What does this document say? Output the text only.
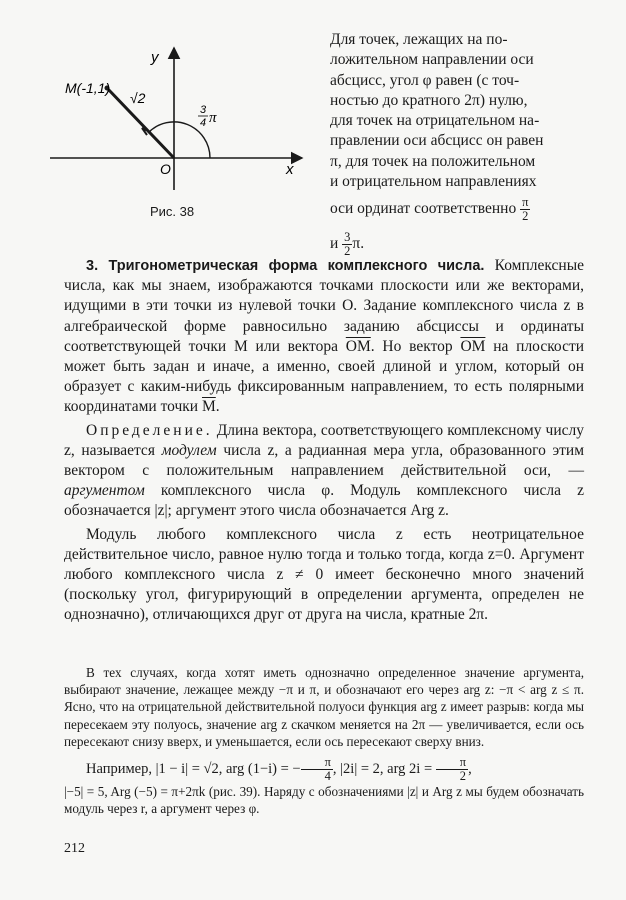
M(-1,1)
√2
y
x
O
3
4 π
Рис. 38
Для точек, лежащих на по-
ложительном направлении оси
абсцисс, угол φ равен (с точ-
ностью до кратного 2π) нулю,
для точек на отрицательном на-
правлении оси абсцисс он равен
π, для точек на положительном
и отрицательном направлениях
оси ординат соответственно $\frac{\pi}{2}$
и $\frac{3}{2} \pi$.

3. Тригонометрическая форма комплексного числа. Комплексные числа, как мы знаем, изображаются точками плоскости или же векторами, идущими в эти точки из нулевой точки O. Задание комплексного числа z в алгебраической форме равносильно заданию абсциссы и ординаты соответствующей точки M или вектора $\overline{OM}$. Но вектор $\overline{OM}$ на плоскости может быть задан и иначе, а именно, своей длиной и углом, который он образует с каким-нибудь фиксированным направлением, то есть полярными координатами точки $\overline{M}$.

Определение. Длина вектора, соответствующего комплексному числу z, называется модулем числа z, а радианная мера угла, образованного этим вектором с положительным направлением действительной оси, — аргументом комплексного числа φ. Модуль комплексного числа z обозначается |z|; аргумент этого числа обозначается Arg z.

Модуль любого комплексного числа z есть неотрицательное действительное число, равное нулю тогда и только тогда, когда z=0. Аргумент любого комплексного числа z ≠ 0 имеет бесконечно много значений (поскольку угол, фигурирующий в определении аргумента, определен не однозначно), отличающихся друг от друга на числа, кратные 2π.

В тех случаях, когда хотят иметь однозначно определенное значение аргумента, выбирают значение, лежащее между −π и π, и обозначают его через arg z: −π < arg z ≤ π. Ясно, что на отрицательной действительной полуоси функция arg z имеет разрыв: когда мы пересекаем эту полуось, значение arg z скачком меняется на 2π — увеличивается, если ось пересекают снизу вверх, и уменьшается, если ось пересекают сверху вниз.

Например, |1 − i| = √2, arg (1−i) = − $\frac{\pi}{4}$ , |2i| = 2, arg $2i = \frac{\pi}{2}$ ,

|−5| = 5, Arg (−5) = π+2πk (рис. 39). Наряду с обозначениями |z| и Arg z мы будем обозначать модуль через r, а аргумент через φ.

212
